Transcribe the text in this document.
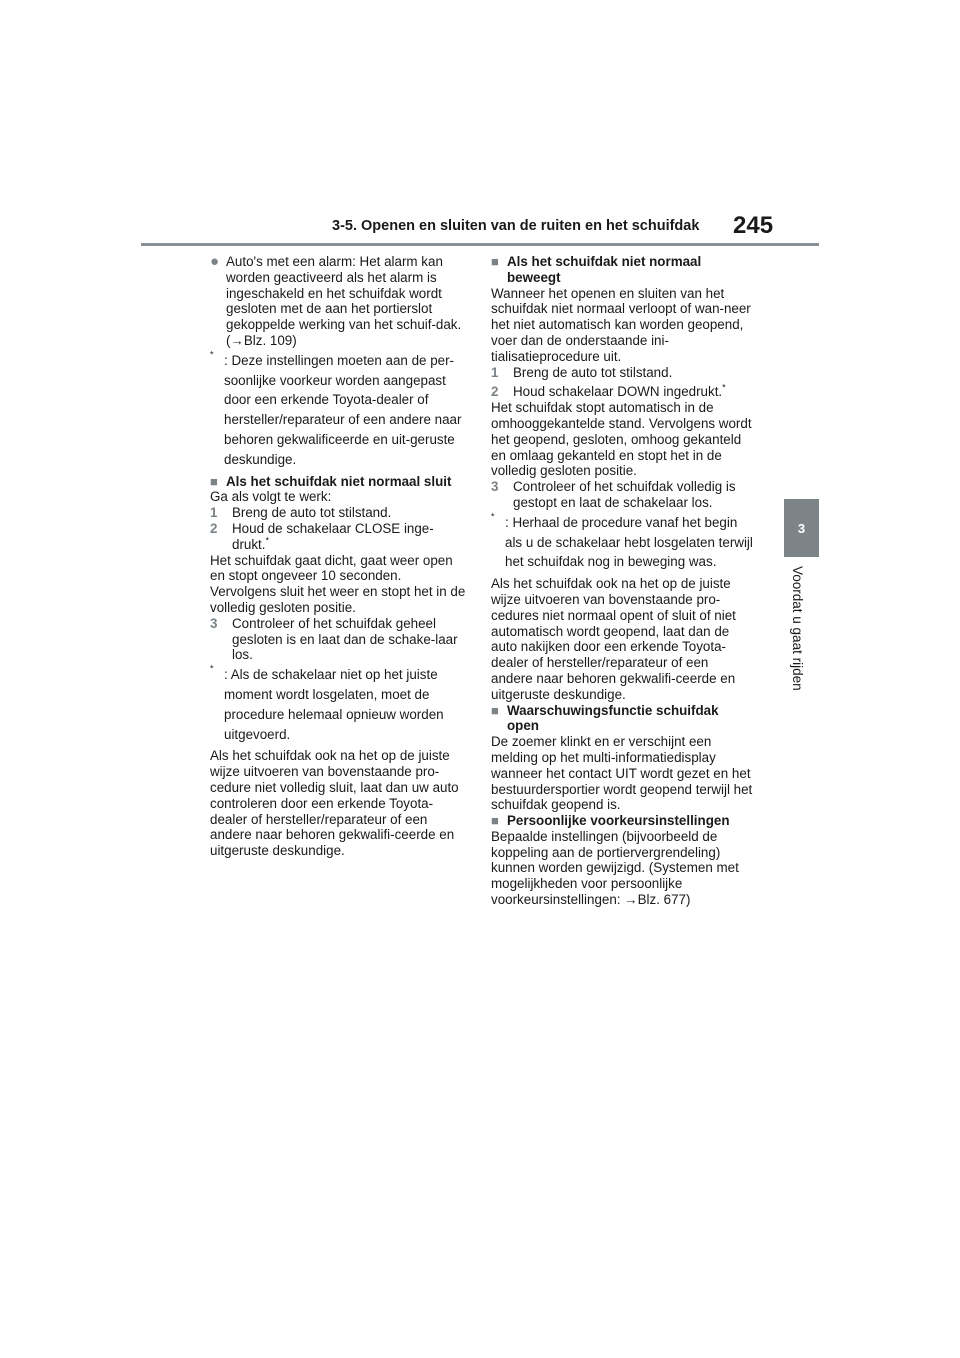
3-5. Openen en sluiten van de ruiten en het schuifdak 245
3
Voordat u gaat rijden
● Auto's met een alarm: Het alarm kan worden geactiveerd als het alarm is ingeschakeld en het schuifdak wordt gesloten met de aan het portierslot gekoppelde werking van het schuif-dak. (→Blz. 109)
* : Deze instellingen moeten aan de per-soonlijke voorkeur worden aangepast door een erkende Toyota-dealer of hersteller/reparateur of een andere naar behoren gekwalificeerde en uit-geruste deskundige.
■ Als het schuifdak niet normaal sluit

Ga als volgt te werk:

1	Breng de auto tot stilstand.
2	Houd de schakelaar CLOSE inge-drukt.*

Het schuifdak gaat dicht, gaat weer open en stopt ongeveer 10 seconden. Vervolgens sluit het weer en stopt het in de volledig gesloten positie.

3	Controleer of het schuifdak geheel gesloten is en laat dan de schake-laar los.
* : Als de schakelaar niet op het juiste moment wordt losgelaten, moet de procedure helemaal opnieuw worden uitgevoerd.

Als het schuifdak ook na het op de juiste wijze uitvoeren van bovenstaande pro-cedure niet volledig sluit, laat dan uw auto controleren door een erkende Toyota-dealer of hersteller/reparateur of een andere naar behoren gekwalifi-ceerde en uitgeruste deskundige.

■ Als het schuifdak niet normaal beweegt

Wanneer het openen en sluiten van het schuifdak niet normaal verloopt of wan-neer het niet automatisch kan worden geopend, voer dan de onderstaande ini-tialisatieprocedure uit.

1	Breng de auto tot stilstand.
2	Houd schakelaar DOWN ingedrukt.*

Het schuifdak stopt automatisch in de omhooggekantelde stand. Vervolgens wordt het geopend, gesloten, omhoog gekanteld en omlaag gekanteld en stopt het in de volledig gesloten positie.

3	Controleer of het schuifdak volledig is gestopt en laat de schakelaar los.
* : Herhaal de procedure vanaf het begin als u de schakelaar hebt losgelaten terwijl het schuifdak nog in beweging was.

Als het schuifdak ook na het op de juiste wijze uitvoeren van bovenstaande pro-cedures niet normaal opent of sluit of niet automatisch wordt geopend, laat dan de auto nakijken door een erkende Toyota-dealer of hersteller/reparateur of een andere naar behoren gekwalifi-ceerde en uitgeruste deskundige.

■ Waarschuwingsfunctie schuifdak open

De zoemer klinkt en er verschijnt een melding op het multi-informatiedisplay wanneer het contact UIT wordt gezet en het bestuurdersportier wordt geopend terwijl het schuifdak geopend is.

■ Persoonlijke voorkeursinstellingen

Bepaalde instellingen (bijvoorbeeld de koppeling aan de portiervergrendeling) kunnen worden gewijzigd. (Systemen met mogelijkheden voor persoonlijke voorkeursinstellingen: →Blz. 677)
